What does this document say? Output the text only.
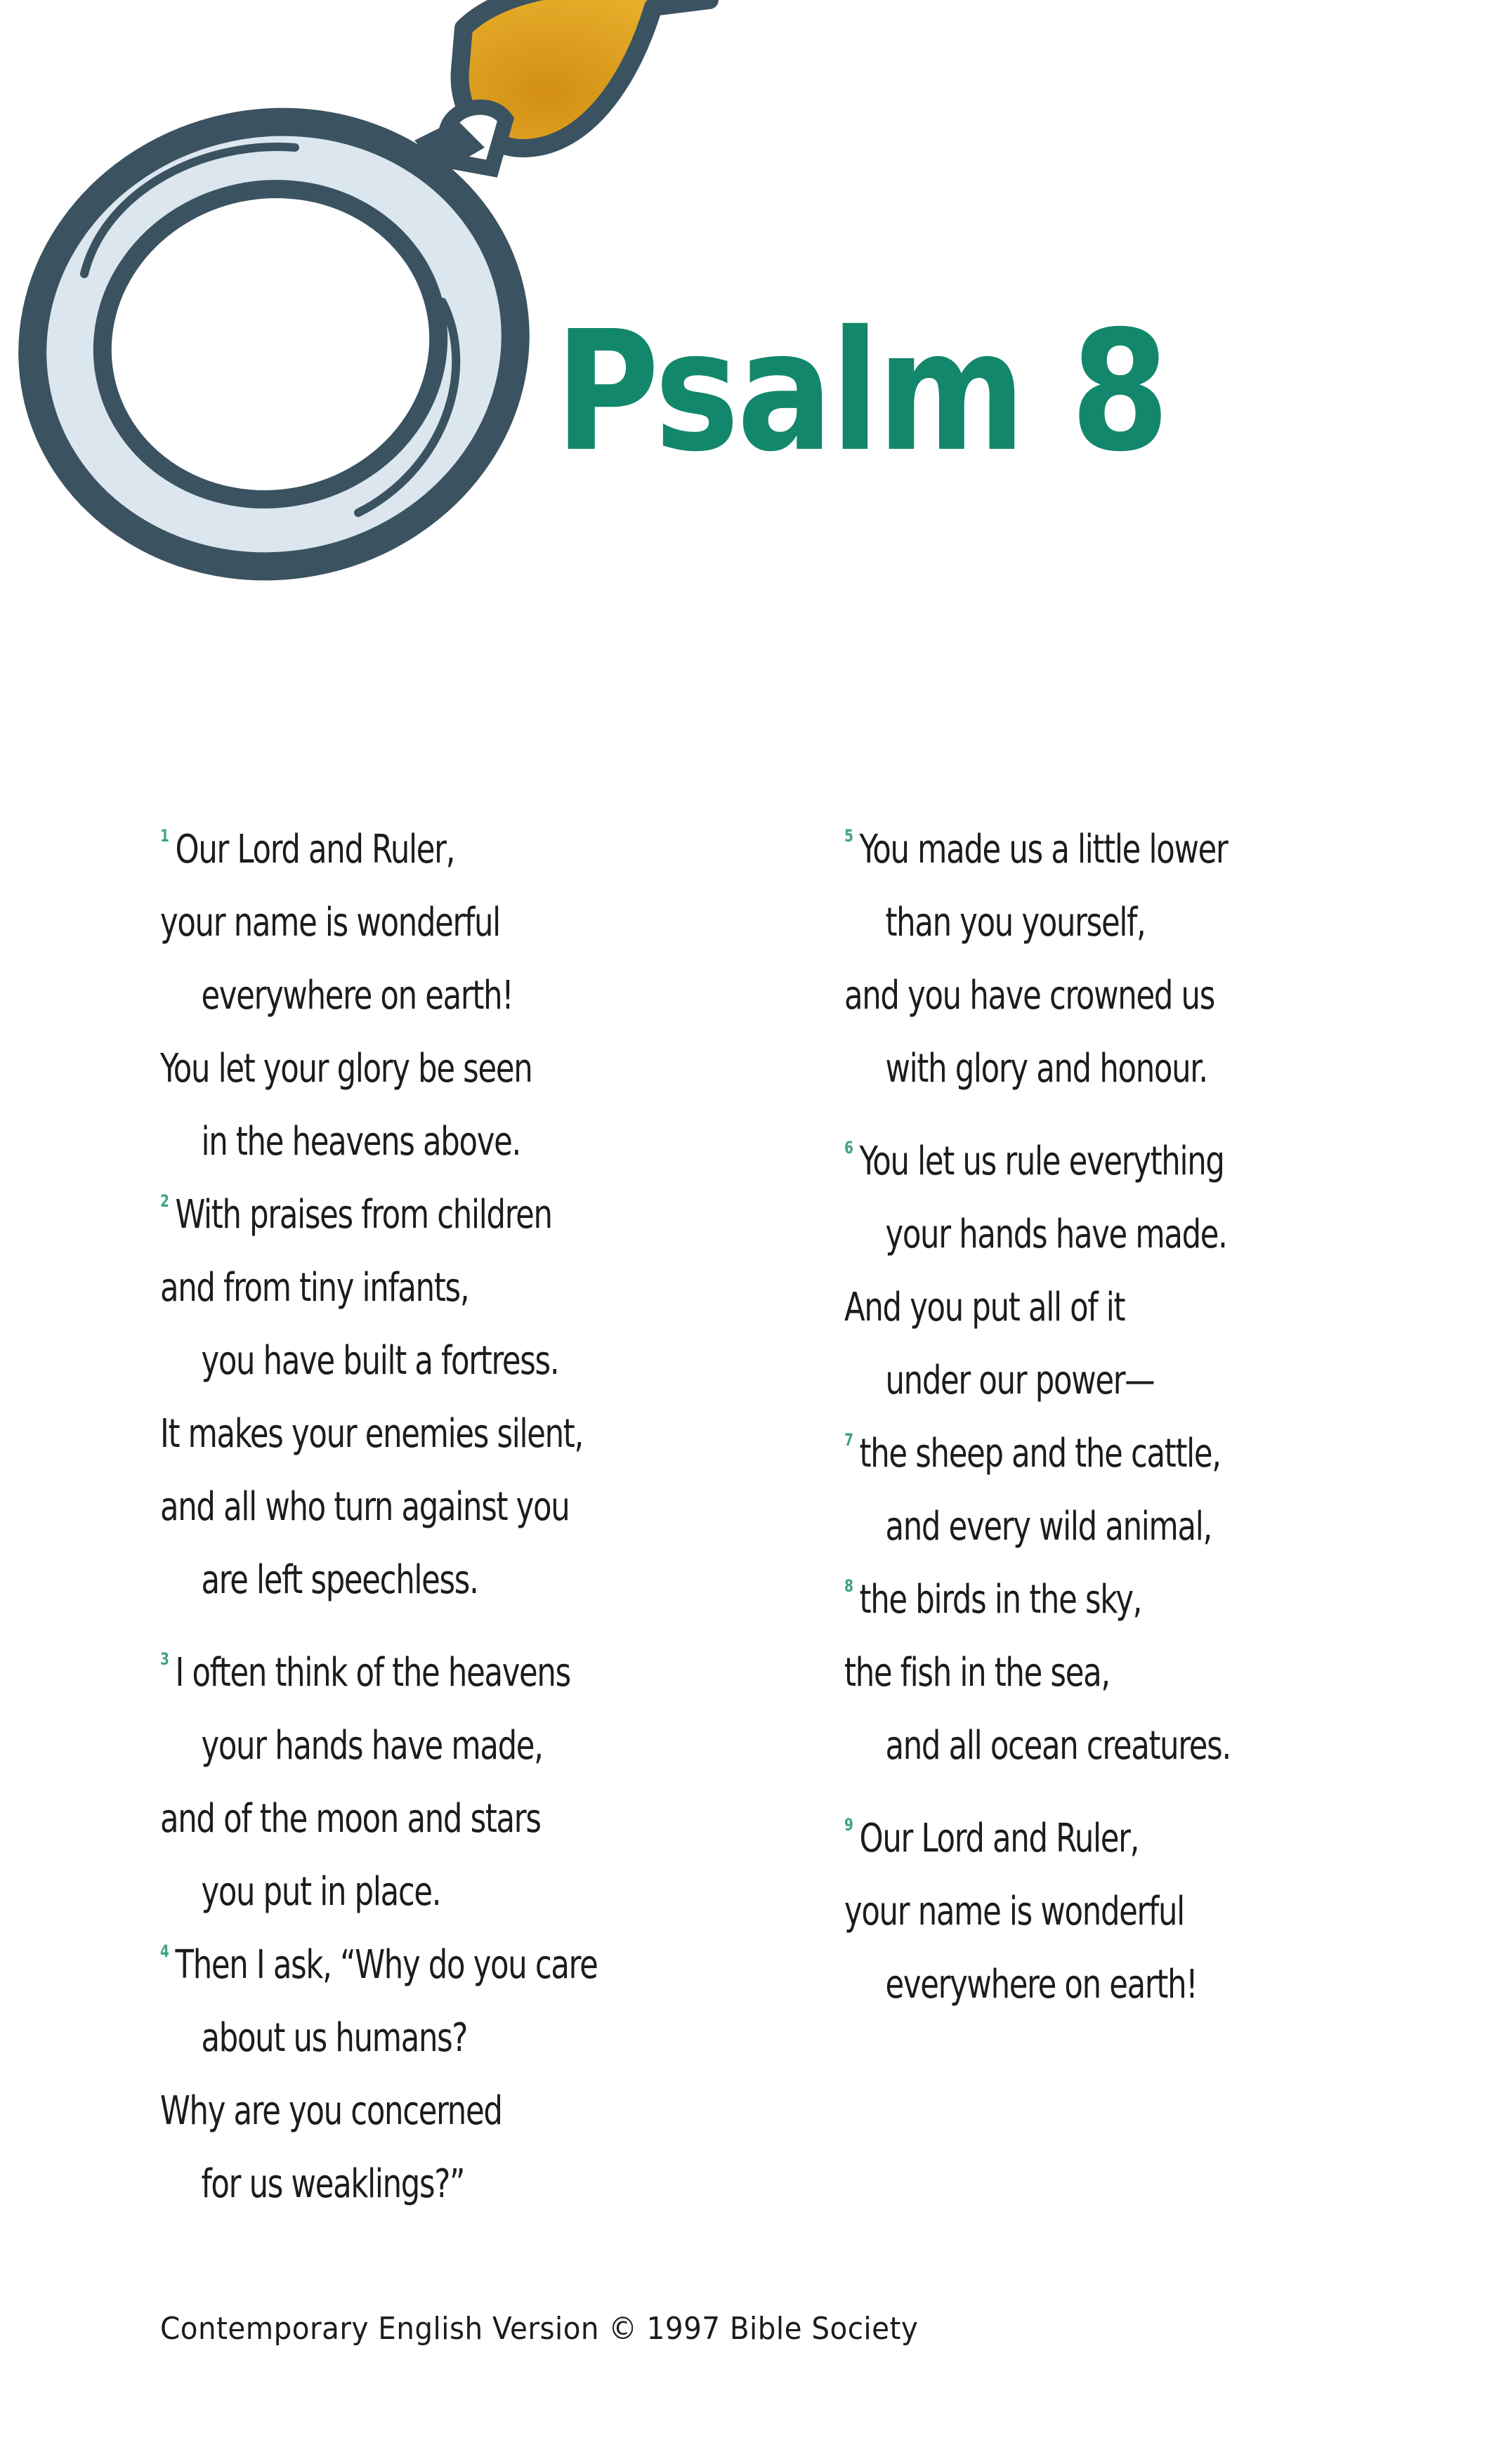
Psalm 8
1 Our Lord and Ruler,
your name is wonderful
everywhere on earth!
You let your glory be seen
in the heavens above.
2 With praises from children
and from tiny infants,
you have built a fortress.
It makes your enemies silent,
and all who turn against you
are left speechless.
3 I often think of the heavens
your hands have made,
and of the moon and stars
you put in place.
4 Then I ask, “Why do you care
about us humans?
Why are you concerned
for us weaklings?”
5 You made us a little lower
than you yourself,
and you have crowned us
with glory and honour.
6 You let us rule everything
your hands have made.
And you put all of it
under our power—
7 the sheep and the cattle,
and every wild animal,
8 the birds in the sky,
the fish in the sea,
and all ocean creatures.
9 Our Lord and Ruler,
your name is wonderful
everywhere on earth!
Contemporary English Version © 1997 Bible Society
